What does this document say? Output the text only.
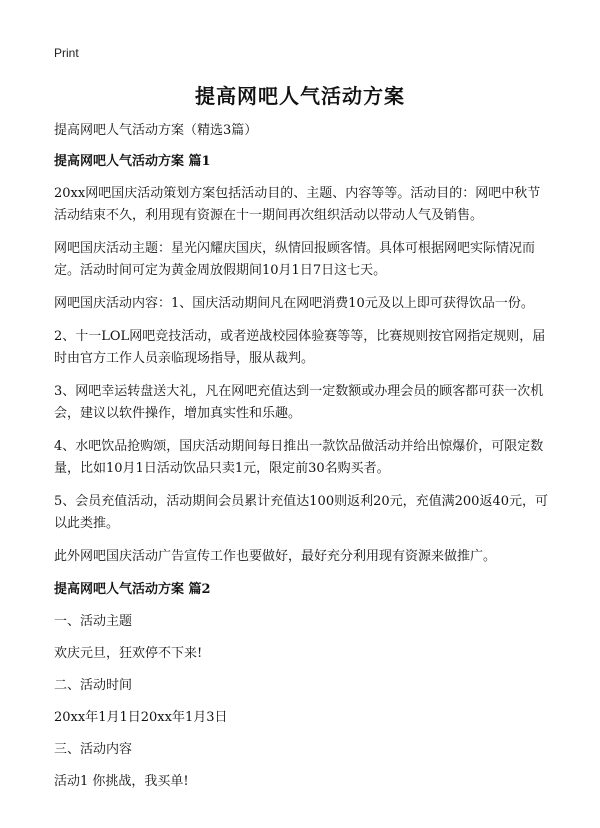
Print
提高网吧人气活动方案

提高网吧人气活动方案（精选3篇）

提高网吧人气活动方案 篇1

20xx网吧国庆活动策划方案包括活动目的、主题、内容等等。活动目的：网吧中秋节活动结束不久，利用现有资源在十一期间再次组织活动以带动人气及销售。

网吧国庆活动主题：星光闪耀庆国庆，纵情回报顾客情。具体可根据网吧实际情况而定。活动时间可定为黄金周放假期间10月1日7日这七天。

网吧国庆活动内容：1、国庆活动期间凡在网吧消费10元及以上即可获得饮品一份。

2、十一LOL网吧竞技活动，或者逆战校园体验赛等等，比赛规则按官网指定规则，届时由官方工作人员亲临现场指导，服从裁判。

3、网吧幸运转盘送大礼，凡在网吧充值达到一定数额或办理会员的顾客都可获一次机会，建议以软件操作，增加真实性和乐趣。

4、水吧饮品抢购颂，国庆活动期间每日推出一款饮品做活动并给出惊爆价，可限定数量，比如10月1日活动饮品只卖1元，限定前30名购买者。

5、会员充值活动，活动期间会员累计充值达100则返利20元，充值满200返40元，可以此类推。

此外网吧国庆活动广告宣传工作也要做好，最好充分利用现有资源来做推广。

提高网吧人气活动方案 篇2

一、活动主题

欢庆元旦，狂欢停不下来!

二、活动时间

20xx年1月1日20xx年1月3日

三、活动内容

活动1 你挑战，我买单!
